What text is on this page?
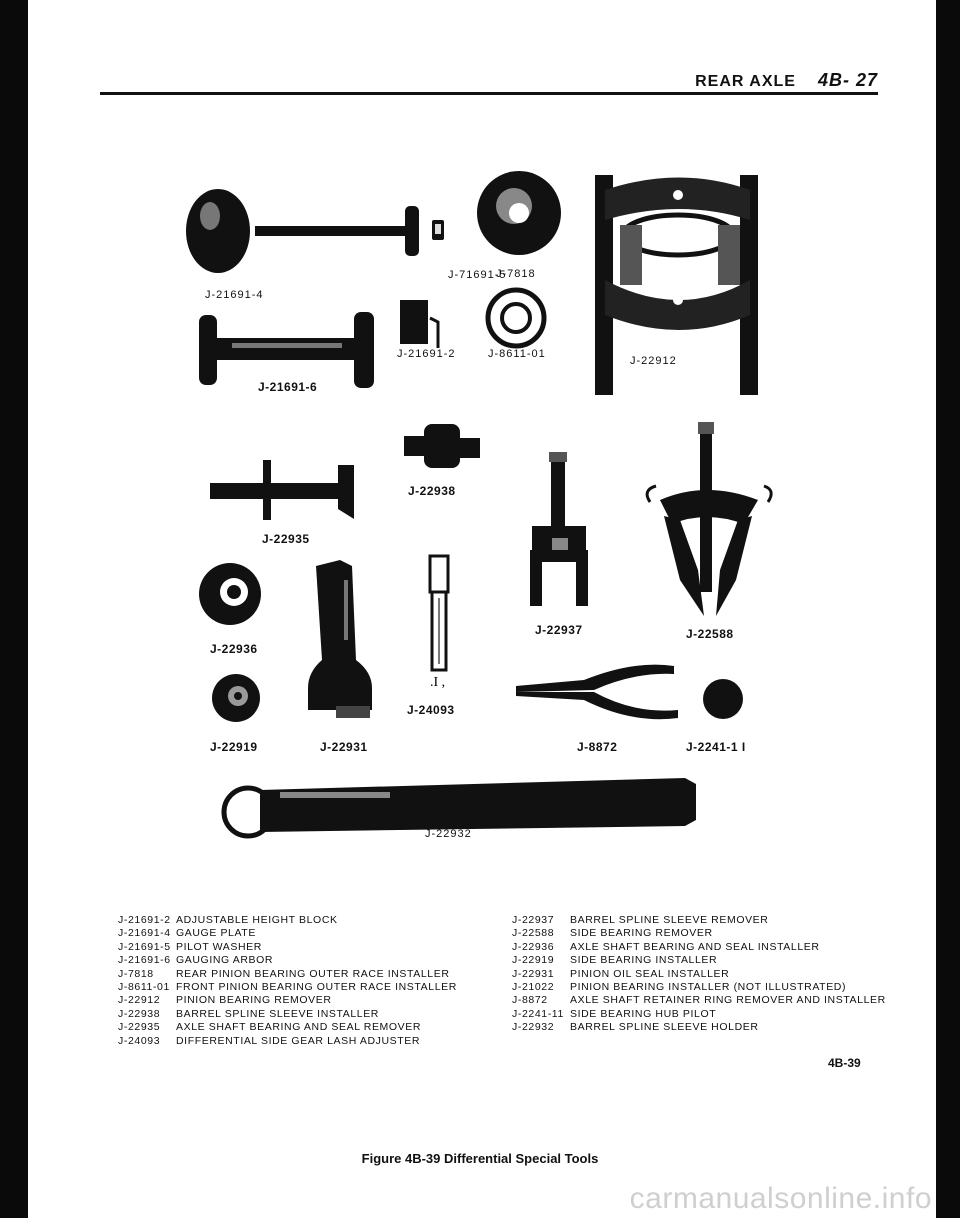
REAR AXLE 4B- 27
.I ,
J-71691-5
J-7818
J-21691-4
J-21691-2	J-8611-01
J-22912
J-21691-6
J-22938
J-22935
J-22937	J-22588
J-22936
J-24093
J-22919	J-22931	J-8872	J-2241-1 I
J-22932
J-21691-2 ADJUSTABLE HEIGHT BLOCK
J-21691-4 GAUGE PLATE
J-21691-5 PILOT WASHER
J-21691-6 GAUGING ARBOR
J-7818	REAR PINION BEARING OUTER RACE INSTALLER
J-8611-01 FRONT PINION BEARING OUTER RACE INSTALLER
J-22912	PINION BEARING REMOVER
J-22938	BARREL SPLINE SLEEVE INSTALLER
J-22935	AXLE SHAFT BEARING AND SEAL REMOVER
J-24093	DIFFERENTIAL SIDE GEAR LASH ADJUSTER
J-22937	BARREL SPLINE SLEEVE REMOVER
J-22588	SIDE BEARING REMOVER
J-22936	AXLE SHAFT BEARING AND SEAL INSTALLER
J-22919	SIDE BEARING INSTALLER
J-22931	PINION OIL SEAL INSTALLER
J-21022	PINION BEARING INSTALLER (NOT ILLUSTRATED)
J-8872	AXLE SHAFT RETAINER RING REMOVER AND INSTALLER
J-2241-11 SIDE BEARING HUB PILOT
J-22932	BARREL SPLINE SLEEVE HOLDER
4B-39
Figure 4B-39 Differential Special Tools
carmanualsonline.info
